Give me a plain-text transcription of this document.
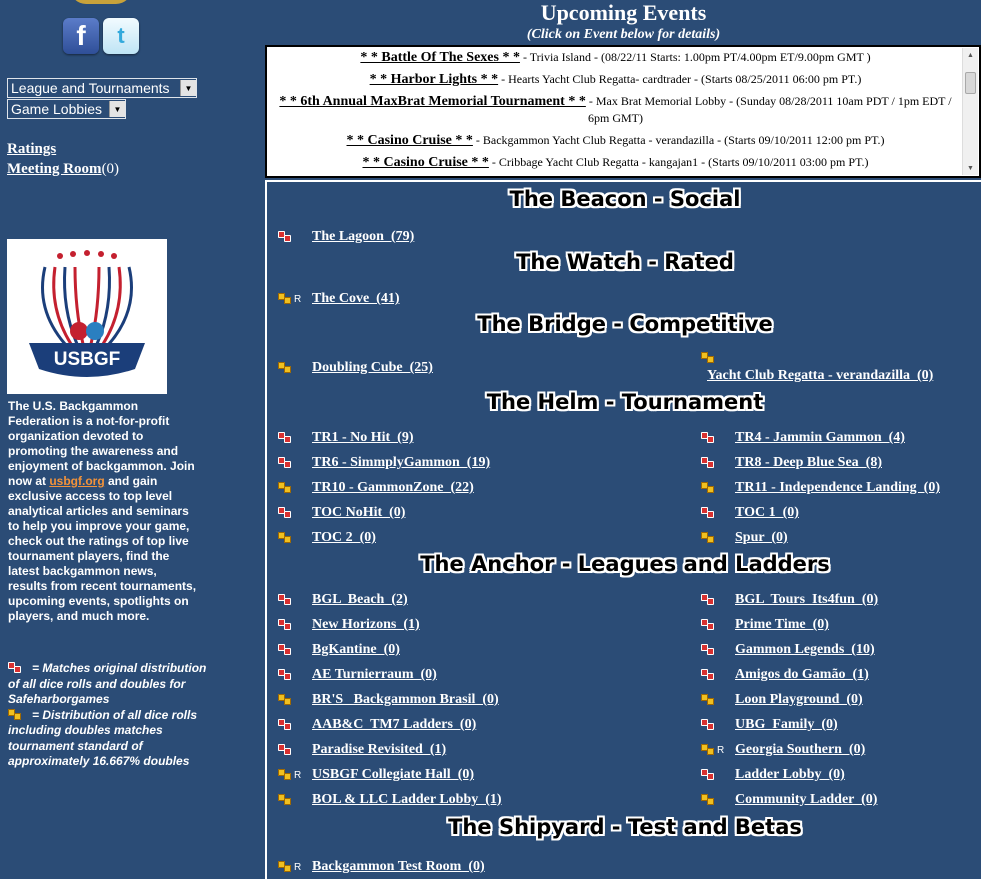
f	t
League and Tournaments	▼
Game Lobbies	▼
Ratings
Meeting Room(0)
USBGF
The U.S. Backgammon Federation is a not-for-profit organization devoted to promoting the awareness and enjoyment of backgammon. Join now at usbgf.org and gain exclusive access to top level analytical articles and seminars to help you improve your game, check out the ratings of top live tournament players, find the latest backgammon news, results from recent tournaments, upcoming events, spotlights on players, and much more.
= Matches original distribution of all dice rolls and doubles for Safeharborgames
= Distribution of all dice rolls including doubles matches tournament standard of approximately 16.667% doubles
Upcoming Events
(Click on Event below for details)

* * Battle Of The Sexes * * - Trivia Island - (08/22/11 Starts: 1.00pm PT/4.00pm ET/9.00pm GMT )

* * Harbor Lights * * - Hearts Yacht Club Regatta- cardtrader - (Starts 08/25/2011 06:00 pm PT.)

* * 6th Annual MaxBrat Memorial Tournament * * - Max Brat Memorial Lobby - (Sunday 08/28/2011 10am PDT / 1pm EDT / 6pm GMT)

* * Casino Cruise * * - Backgammon Yacht Club Regatta - verandazilla - (Starts 09/10/2011 12:00 pm PT.)

* * Casino Cruise * * - Cribbage Yacht Club Regatta - kangajan1 - (Starts 09/10/2011 03:00 pm PT.)

▲
▼
The Beacon - Social
The Lagoon  (79)
The Watch - Rated
R The Cove  (41)
The Bridge - Competitive
Doubling Cube  (25)
Yacht Club Regatta - verandazilla  (0)
The Helm - Tournament
TR1 - No Hit  (9)	TR4 - Jammin Gammon  (4)
TR6 - SimmplyGammon  (19)	TR8 - Deep Blue Sea  (8)
TR10 - GammonZone  (22)	TR11 - Independence Landing  (0)
TOC NoHit  (0)	TOC 1  (0)
TOC 2  (0)	Spur  (0)
The Anchor - Leagues and Ladders
BGL  Beach  (2)	BGL  Tours  Its4fun  (0)
New Horizons  (1)	Prime Time  (0)
BgKantine  (0)	Gammon Legends  (10)
AE Turnierraum  (0)	Amigos do Gamão  (1)
BR'S   Backgammon Brasil  (0)	Loon Playground  (0)
AAB&C  TM7 Ladders  (0)	UBG  Family  (0)
Paradise Revisited  (1)	R Georgia Southern  (0)
R USBGF Collegiate Hall  (0)	Ladder Lobby  (0)
BOL & LLC Ladder Lobby  (1)	Community Ladder  (0)
The Shipyard - Test and Betas
R Backgammon Test Room  (0)
